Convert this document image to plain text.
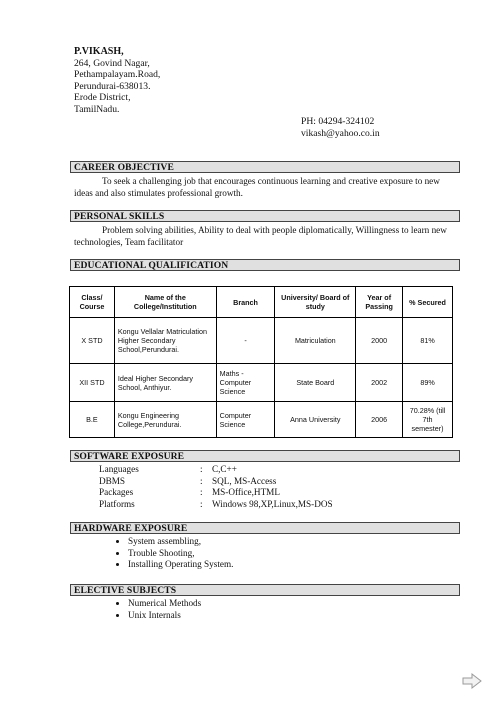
P.VIKASH,
264, Govind Nagar,
Pethampalayam.Road,
Perundurai-638013.
Erode District,
TamilNadu.
PH: 04294-324102
vikash@yahoo.co.in
CAREER OBJECTIVE
To seek a challenging job that encourages continuous learning and creative exposure to new ideas and also stimulates professional growth.
PERSONAL SKILLS
Problem solving abilities, Ability to deal with people diplomatically, Willingness to learn new technologies, Team facilitator
EDUCATIONAL QUALIFICATION
Class/ Course	Name of the College/Institution	Branch	University/ Board of study	Year of Passing	% Secured
X STD	Kongu Vellalar Matriculation Higher Secondary School,Perundurai.	-	Matriculation	2000	81%
XII STD	Ideal Higher Secondary School, Anthiyur.	Maths - Computer Science	State Board	2002	89%
B.E	Kongu Engineering College,Perundurai.	Computer Science	Anna University	2006	70.28% (till 7th semester)
SOFTWARE EXPOSURE
Languages	: C,C++
DBMS	: SQL, MS-Access
Packages	: MS-Office,HTML
Platforms	: Windows 98,XP,Linux,MS-DOS
HARDWARE EXPOSURE
• System assembling,
• Trouble Shooting,
• Installing Operating System.
ELECTIVE SUBJECTS
• Numerical Methods
• Unix Internals
